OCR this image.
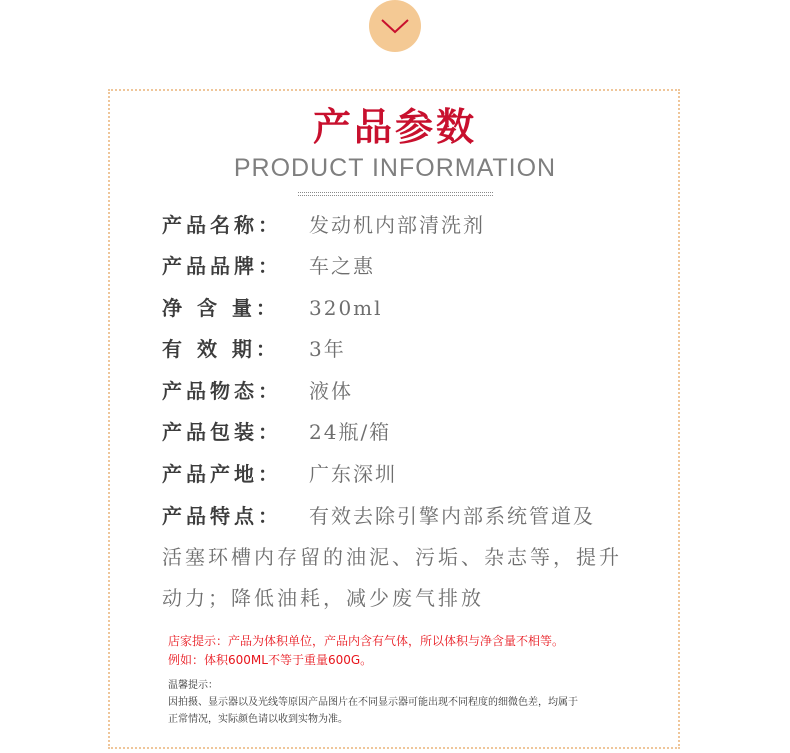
产品参数
PRODUCT INFORMATION
产品名称： 发动机内部清洗剂
产品品牌： 车之惠
净 含 量： 320ml
有 效 期： 3年
产品物态： 液体
产品包装： 24瓶/箱
产品产地： 广东深圳
产品特点： 有效去除引擎内部系统管道及
活塞环槽内存留的油泥、污垢、杂志等，提升
动力；降低油耗，减少废气排放
店家提示：产品为体积单位，产品内含有气体，所以体积与净含量不相等。
例如：体积600ML不等于重量600G。
温馨提示：
因拍摄、显示器以及光线等原因产品图片在不同显示器可能出现不同程度的细微色差，均属于
正常情况，实际颜色请以收到实物为准。
